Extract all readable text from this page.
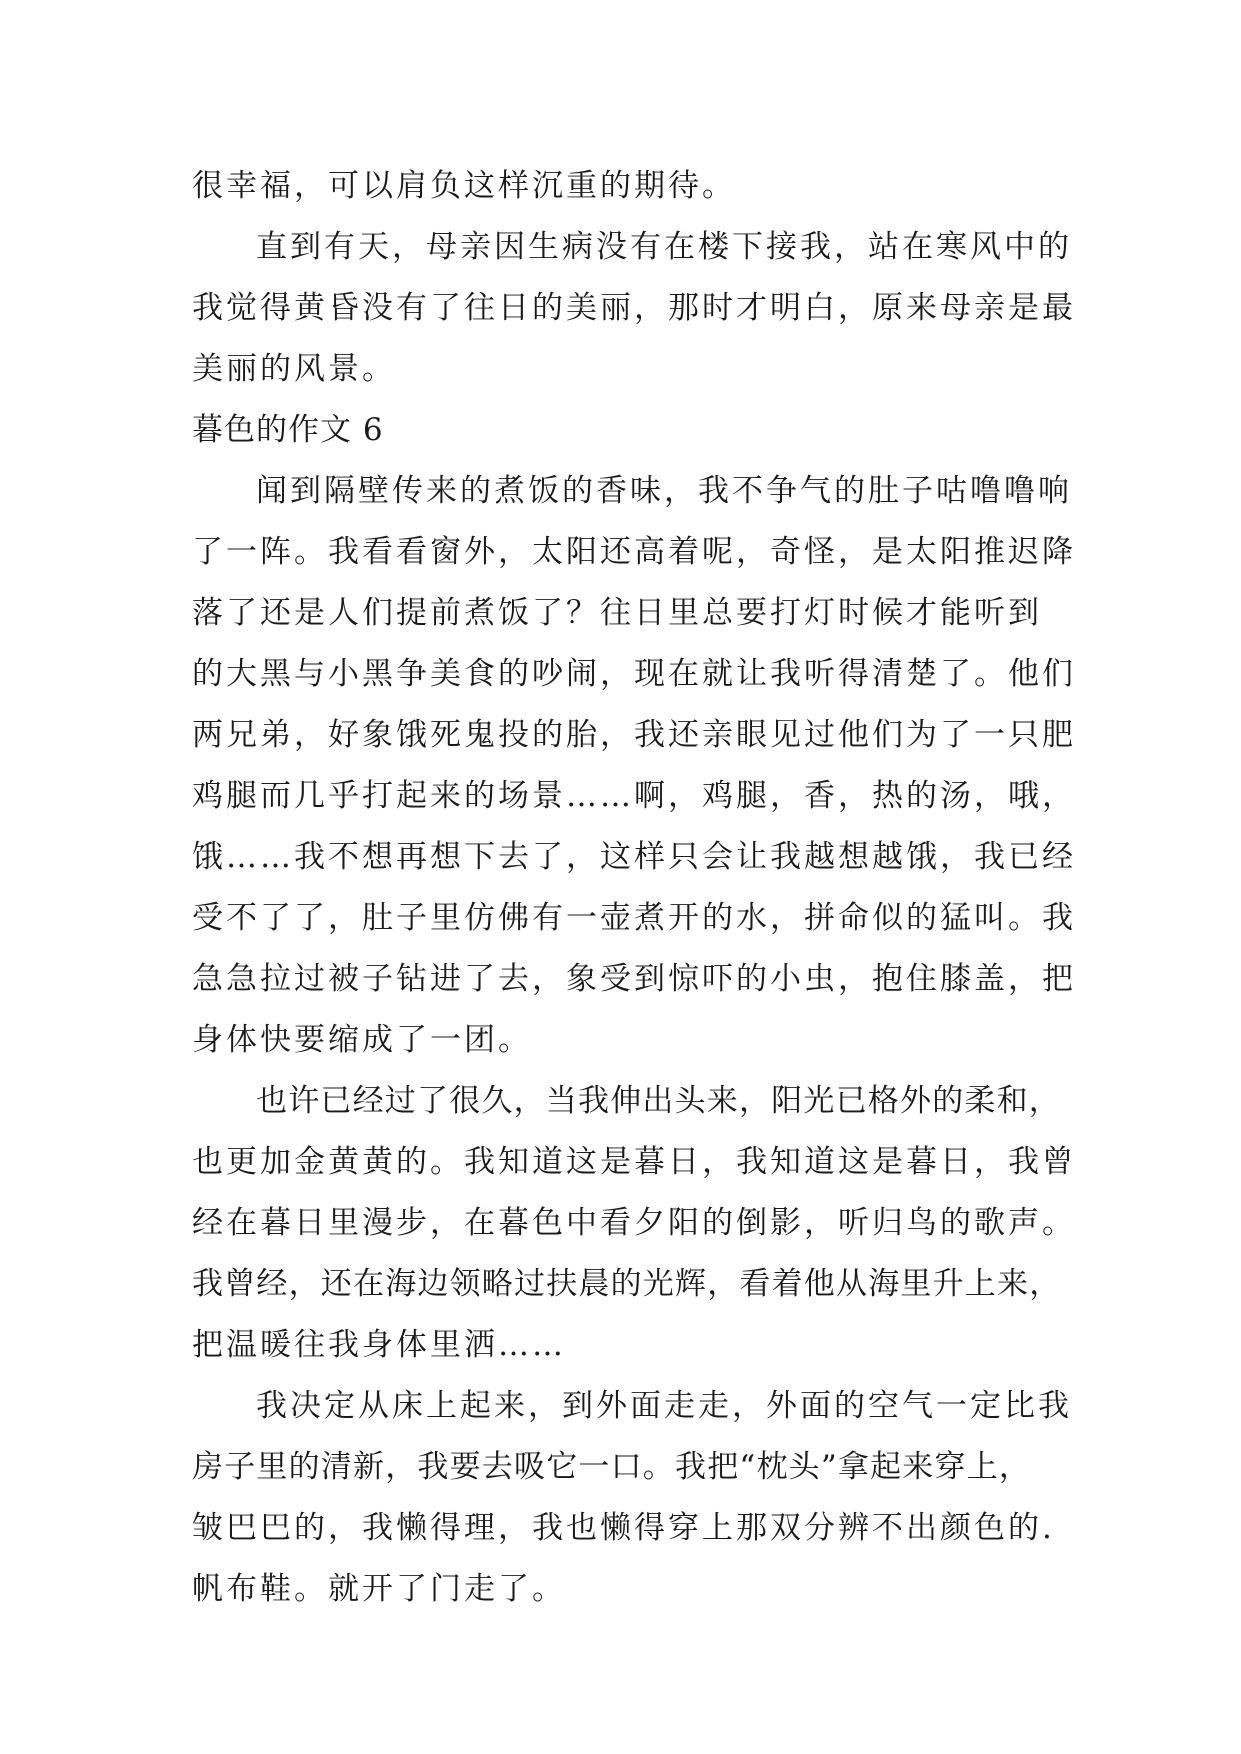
很幸福，可以肩负这样沉重的期待。
直到有天，母亲因生病没有在楼下接我，站在寒风中的
我觉得黄昏没有了往日的美丽，那时才明白，原来母亲是最
美丽的风景。
暮色的作文 6
闻到隔壁传来的煮饭的香味，我不争气的肚子咕噜噜响
了一阵。我看看窗外，太阳还高着呢，奇怪，是太阳推迟降
落了还是人们提前煮饭了？往日里总要打灯时候才能听到
的大黑与小黑争美食的吵闹，现在就让我听得清楚了。他们
两兄弟，好象饿死鬼投的胎，我还亲眼见过他们为了一只肥
鸡腿而几乎打起来的场景……啊，鸡腿，香，热的汤，哦，
饿……我不想再想下去了，这样只会让我越想越饿，我已经
受不了了，肚子里仿佛有一壶煮开的水，拼命似的猛叫。我
急急拉过被子钻进了去，象受到惊吓的小虫，抱住膝盖，把
身体快要缩成了一团。
也许已经过了很久，当我伸出头来，阳光已格外的柔和，
也更加金黄黄的。我知道这是暮日，我知道这是暮日，我曾
经在暮日里漫步，在暮色中看夕阳的倒影，听归鸟的歌声。
我曾经，还在海边领略过扶晨的光辉，看着他从海里升上来，
把温暖往我身体里洒……
我决定从床上起来，到外面走走，外面的空气一定比我
房子里的清新，我要去吸它一口。我把“枕头”拿起来穿上，
皱巴巴的，我懒得理，我也懒得穿上那双分辨不出颜色的.
帆布鞋。就开了门走了。
